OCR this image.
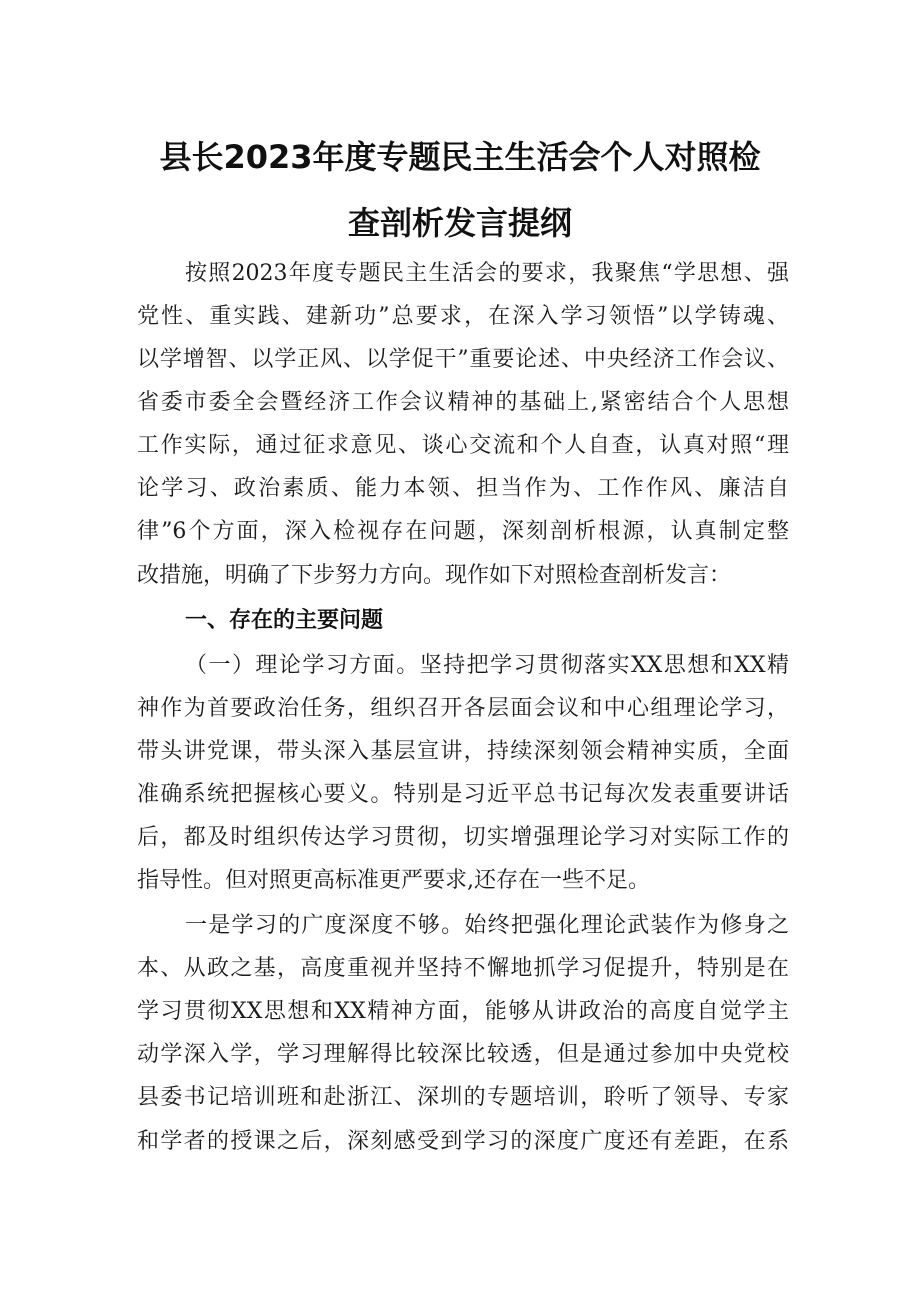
县长2023年度专题民主生活会个人对照检
查剖析发言提纲
按照2023年度专题民主生活会的要求，我聚焦“学思想、强
党性、重实践、建新功”总要求，在深入学习领悟”以学铸魂、
以学增智、以学正风、以学促干”重要论述、中央经济工作会议、
省委市委全会暨经济工作会议精神的基础上,紧密结合个人思想
工作实际，通过征求意见、谈心交流和个人自查，认真对照“理
论学习、政治素质、能力本领、担当作为、工作作风、廉洁自
律”6个方面，深入检视存在问题，深刻剖析根源，认真制定整
改措施，明确了下步努力方向。现作如下对照检查剖析发言：
一、存在的主要问题
（一）理论学习方面。坚持把学习贯彻落实XX思想和XX精
神作为首要政治任务，组织召开各层面会议和中心组理论学习，
带头讲党课，带头深入基层宣讲，持续深刻领会精神实质，全面
准确系统把握核心要义。特别是习近平总书记每次发表重要讲话
后，都及时组织传达学习贯彻，切实增强理论学习对实际工作的
指导性。但对照更高标准更严要求,还存在一些不足。
一是学习的广度深度不够。始终把强化理论武装作为修身之
本、从政之基，高度重视并坚持不懈地抓学习促提升，特别是在
学习贯彻XX思想和XX精神方面，能够从讲政治的高度自觉学主
动学深入学，学习理解得比较深比较透，但是通过参加中央党校
县委书记培训班和赴浙江、深圳的专题培训，聆听了领导、专家
和学者的授课之后，深刻感受到学习的深度广度还有差距，在系
